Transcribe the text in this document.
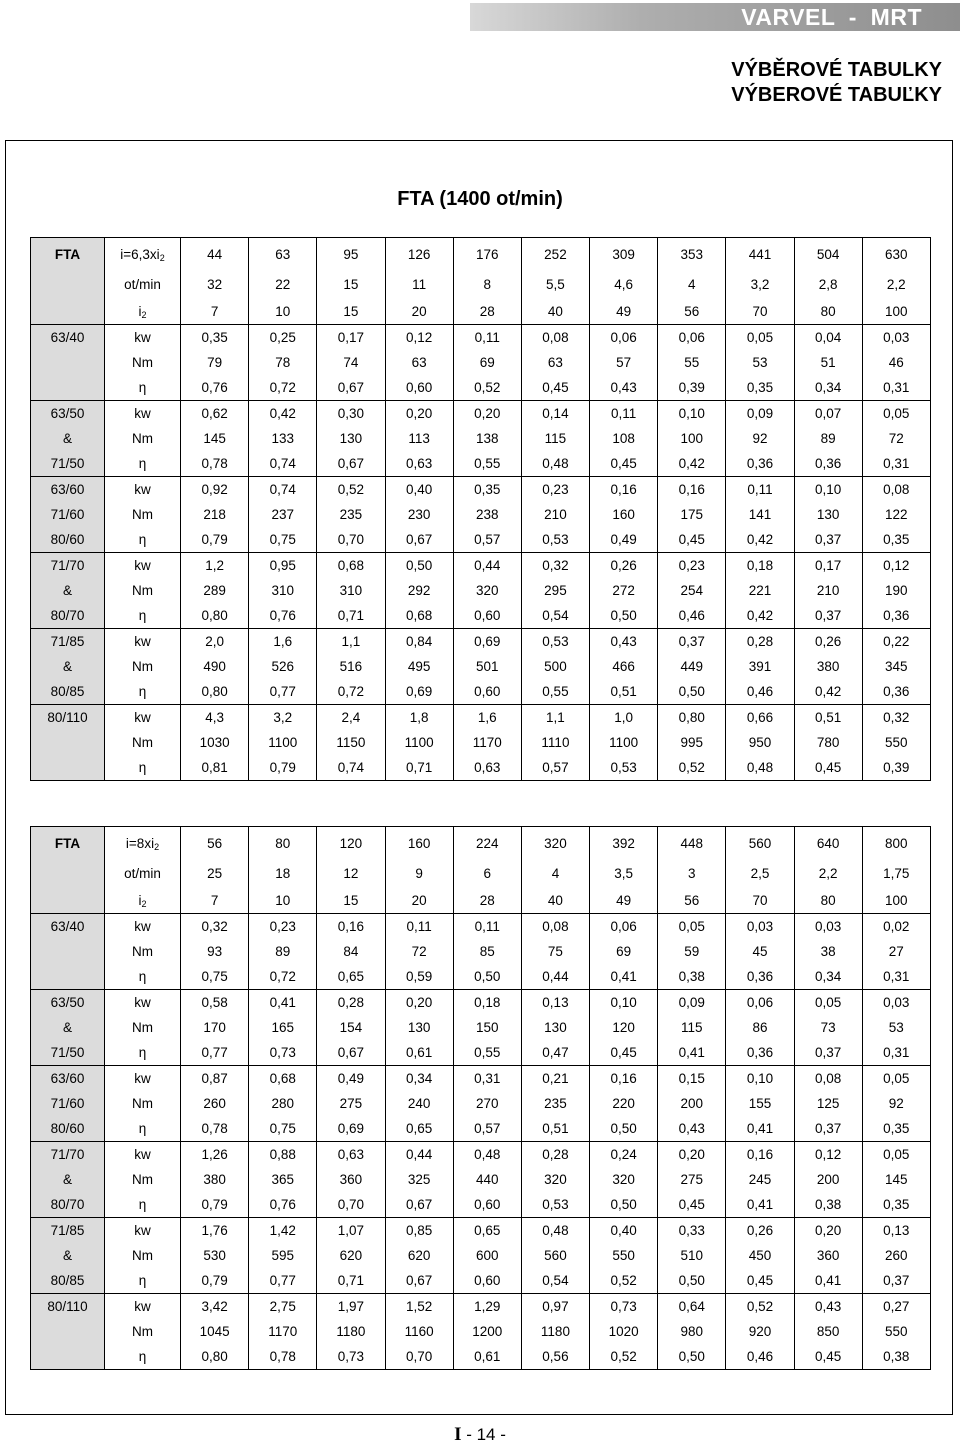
VARVEL  -  MRT
VÝBĚROVÉ TABULKY
VÝBEROVÉ TABUĽKY
FTA (1400 ot/min)
FTA	$i=6,3xi_2$	44	63	95	126	176	252	309	353	441	504	630
	ot/min	32	22	15	11	8	5,5	4,6	4	3,2	2,8	2,2
	$i_2$	7	10	15	20	28	40	49	56	70	80	100
63/40	kw	0,35	0,25	0,17	0,12	0,11	0,08	0,06	0,06	0,05	0,04	0,03
	Nm	79	78	74	63	69	63	57	55	53	51	46
	η	0,76	0,72	0,67	0,60	0,52	0,45	0,43	0,39	0,35	0,34	0,31
63/50	kw	0,62	0,42	0,30	0,20	0,20	0,14	0,11	0,10	0,09	0,07	0,05
&	Nm	145	133	130	113	138	115	108	100	92	89	72
71/50	η	0,78	0,74	0,67	0,63	0,55	0,48	0,45	0,42	0,36	0,36	0,31
63/60	kw	0,92	0,74	0,52	0,40	0,35	0,23	0,16	0,16	0,11	0,10	0,08
71/60	Nm	218	237	235	230	238	210	160	175	141	130	122
80/60	η	0,79	0,75	0,70	0,67	0,57	0,53	0,49	0,45	0,42	0,37	0,35
71/70	kw	1,2	0,95	0,68	0,50	0,44	0,32	0,26	0,23	0,18	0,17	0,12
&	Nm	289	310	310	292	320	295	272	254	221	210	190
80/70	η	0,80	0,76	0,71	0,68	0,60	0,54	0,50	0,46	0,42	0,37	0,36
71/85	kw	2,0	1,6	1,1	0,84	0,69	0,53	0,43	0,37	0,28	0,26	0,22
&	Nm	490	526	516	495	501	500	466	449	391	380	345
80/85	η	0,80	0,77	0,72	0,69	0,60	0,55	0,51	0,50	0,46	0,42	0,36
80/110	kw	4,3	3,2	2,4	1,8	1,6	1,1	1,0	0,80	0,66	0,51	0,32
	Nm	1030	1100	1150	1100	1170	1110	1100	995	950	780	550
	η	0,81	0,79	0,74	0,71	0,63	0,57	0,53	0,52	0,48	0,45	0,39
FTA	$i=8xi_2$	56	80	120	160	224	320	392	448	560	640	800
	ot/min	25	18	12	9	6	4	3,5	3	2,5	2,2	1,75
	$i_2$	7	10	15	20	28	40	49	56	70	80	100
63/40	kw	0,32	0,23	0,16	0,11	0,11	0,08	0,06	0,05	0,03	0,03	0,02
	Nm	93	89	84	72	85	75	69	59	45	38	27
	η	0,75	0,72	0,65	0,59	0,50	0,44	0,41	0,38	0,36	0,34	0,31
63/50	kw	0,58	0,41	0,28	0,20	0,18	0,13	0,10	0,09	0,06	0,05	0,03
&	Nm	170	165	154	130	150	130	120	115	86	73	53
71/50	η	0,77	0,73	0,67	0,61	0,55	0,47	0,45	0,41	0,36	0,37	0,31
63/60	kw	0,87	0,68	0,49	0,34	0,31	0,21	0,16	0,15	0,10	0,08	0,05
71/60	Nm	260	280	275	240	270	235	220	200	155	125	92
80/60	η	0,78	0,75	0,69	0,65	0,57	0,51	0,50	0,43	0,41	0,37	0,35
71/70	kw	1,26	0,88	0,63	0,44	0,48	0,28	0,24	0,20	0,16	0,12	0,05
&	Nm	380	365	360	325	440	320	320	275	245	200	145
80/70	η	0,79	0,76	0,70	0,67	0,60	0,53	0,50	0,45	0,41	0,38	0,35
71/85	kw	1,76	1,42	1,07	0,85	0,65	0,48	0,40	0,33	0,26	0,20	0,13
&	Nm	530	595	620	620	600	560	550	510	450	360	260
80/85	η	0,79	0,77	0,71	0,67	0,60	0,54	0,52	0,50	0,45	0,41	0,37
80/110	kw	3,42	2,75	1,97	1,52	1,29	0,97	0,73	0,64	0,52	0,43	0,27
	Nm	1045	1170	1180	1160	1200	1180	1020	980	920	850	550
	η	0,80	0,78	0,73	0,70	0,61	0,56	0,52	0,50	0,46	0,45	0,38
I - 14 -
